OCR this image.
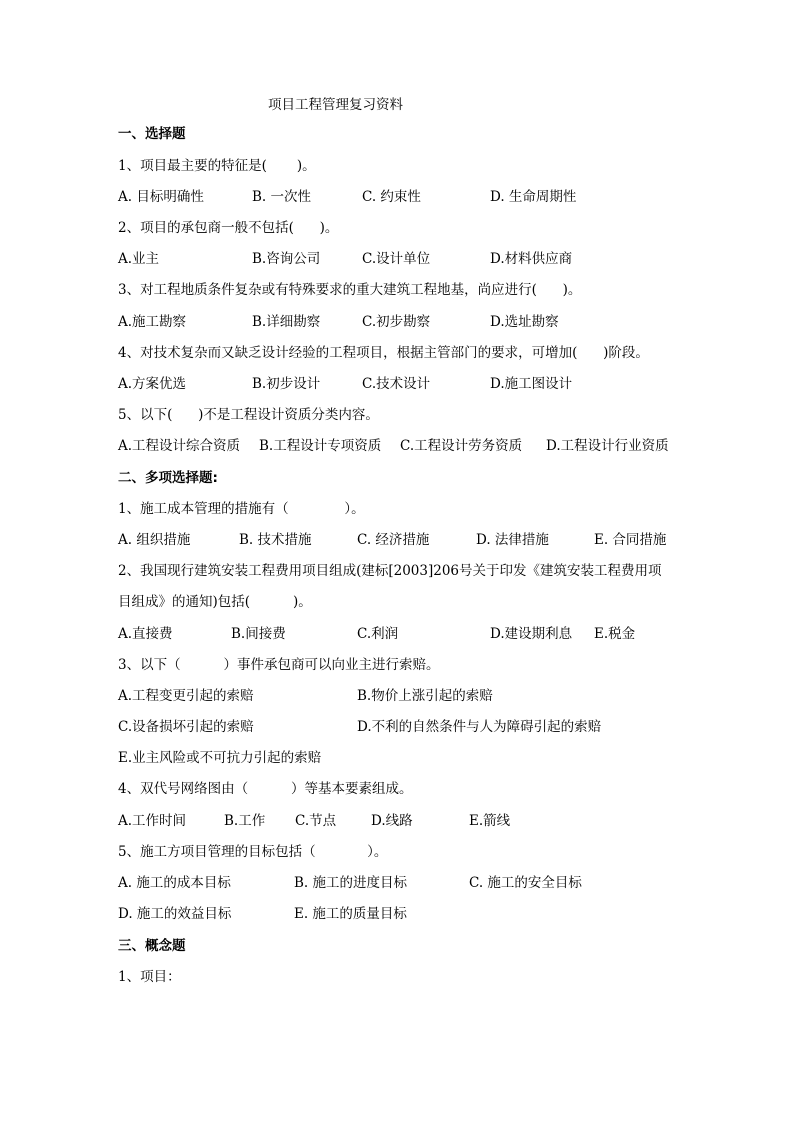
项目工程管理复习资料
一、选择题
1、项目最主要的特征是(       )。
A. 目标明确性	B. 一次性	C. 约束性	D. 生命周期性
2、项目的承包商一般不包括(      )。
A.业主	B.咨询公司	C.设计单位	D.材料供应商
3、对工程地质条件复杂或有特殊要求的重大建筑工程地基，尚应进行(      )。
A.施工勘察	B.详细勘察	C.初步勘察	D.选址勘察
4、对技术复杂而又缺乏设计经验的工程项目，根据主管部门的要求，可增加(      )阶段。
A.方案优选	B.初步设计	C.技术设计	D.施工图设计
5、以下(      )不是工程设计资质分类内容。
A.工程设计综合资质 B.工程设计专项资质 C.工程设计劳务资质 D.工程设计行业资质
二、多项选择题:
1、施工成本管理的措施有（             ）。
A. 组织措施	B. 技术措施	C. 经济措施	D. 法律措施	E. 合同措施
2、我国现行建筑安装工程费用项目组成(建标[2003]206号关于印发《建筑安装工程费用项
目组成》的通知)包括(          )。
A.直接费	B.间接费	C.利润	D.建设期利息 E.税金
3、以下（          ）事件承包商可以向业主进行索赔。
A.工程变更引起的索赔	B.物价上涨引起的索赔
C.设备损坏引起的索赔	D.不利的自然条件与人为障碍引起的索赔
E.业主风险或不可抗力引起的索赔
4、双代号网络图由（          ）等基本要素组成。
A.工作时间	B.工作 C.节点	D.线路	E.箭线
5、施工方项目管理的目标包括（            ）。
A. 施工的成本目标	B. 施工的进度目标	C. 施工的安全目标
D. 施工的效益目标	E. 施工的质量目标
三、概念题
1、项目：
